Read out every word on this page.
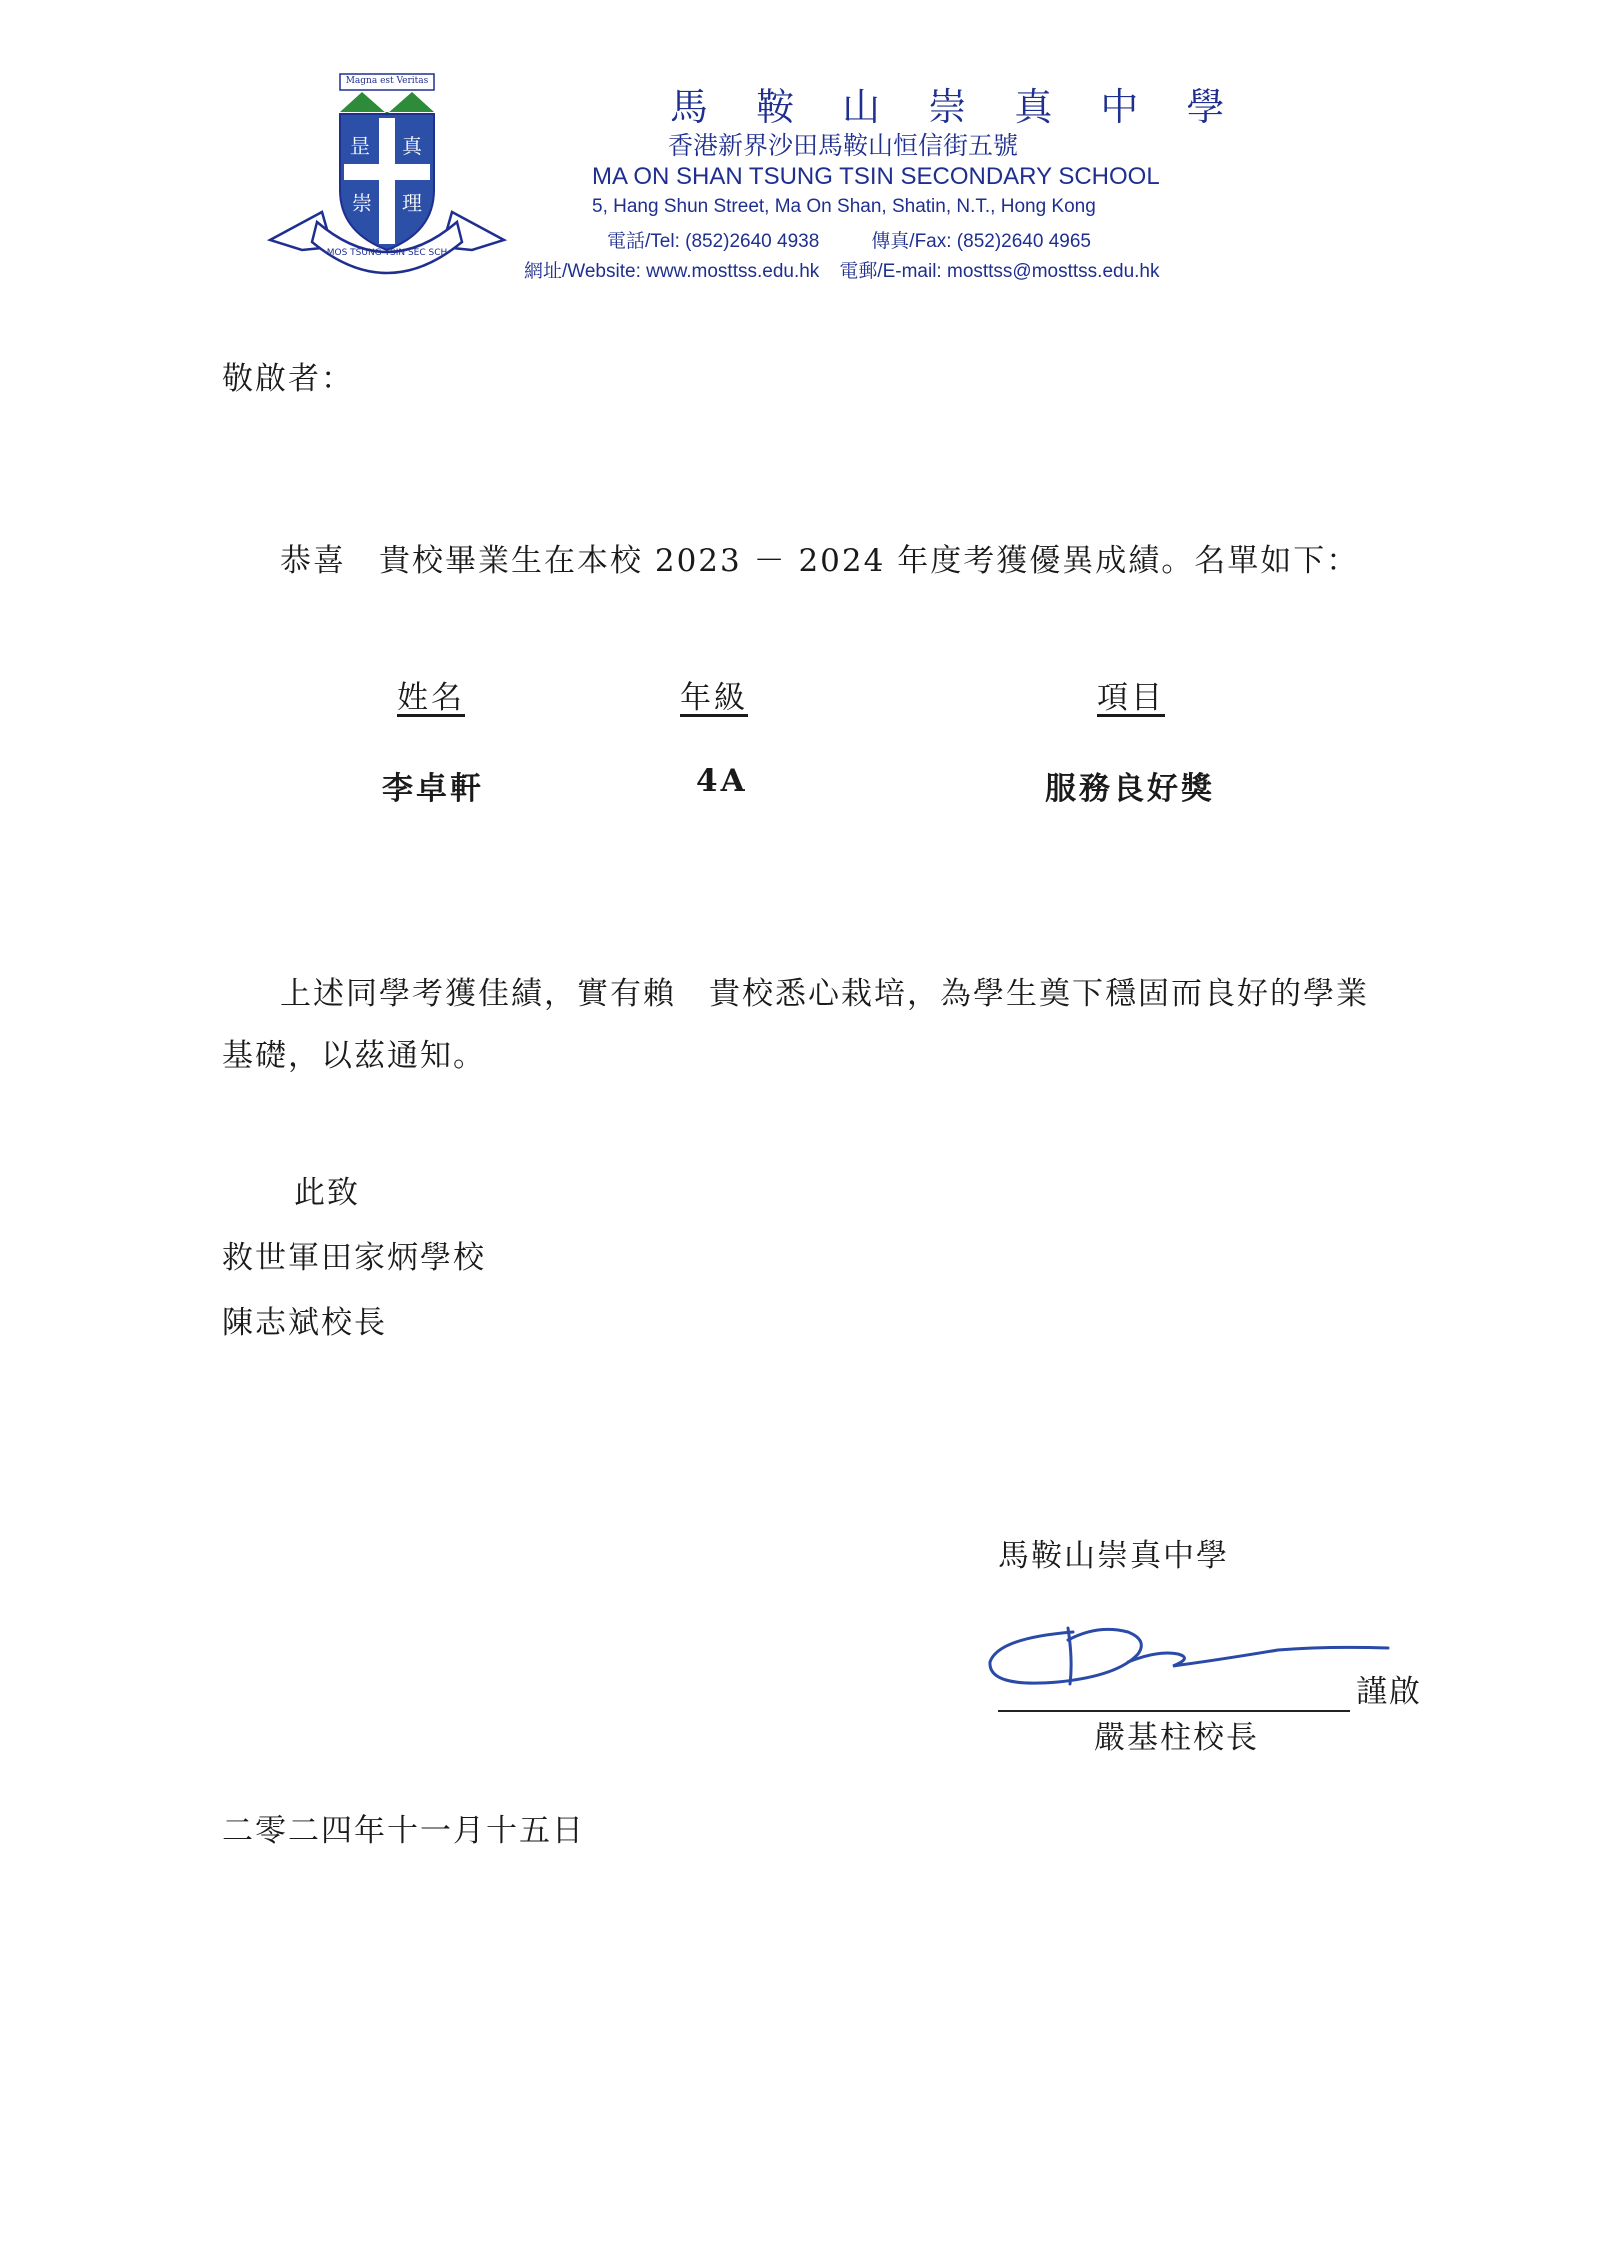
Magna est Veritas
昰 真
崇 理
MOS TSUNG TSIN SEC SCH
馬 鞍 山 崇 真 中 學
香港新界沙田馬鞍山恒信街五號
MA ON SHAN TSUNG TSIN SECONDARY SCHOOL
5, Hang Shun Street, Ma On Shan, Shatin, N.T., Hong Kong
電話/Tel: (852)2640 4938	傳真/Fax: (852)2640 4965
網址/Website: www.mosttss.edu.hk 電郵/E-mail: mosttss@mosttss.edu.hk
敬啟者：
恭喜　貴校畢業生在本校 2023 － 2024 年度考獲優異成績。名單如下：
姓名	年級	項目
李卓軒	4A	服務良好獎
上述同學考獲佳績，實有賴　貴校悉心栽培，為學生奠下穩固而良好的學業
基礎，以茲通知。
此致
救世軍田家炳學校
陳志斌校長
馬鞍山崇真中學
謹啟
嚴基柱校長
二零二四年十一月十五日
